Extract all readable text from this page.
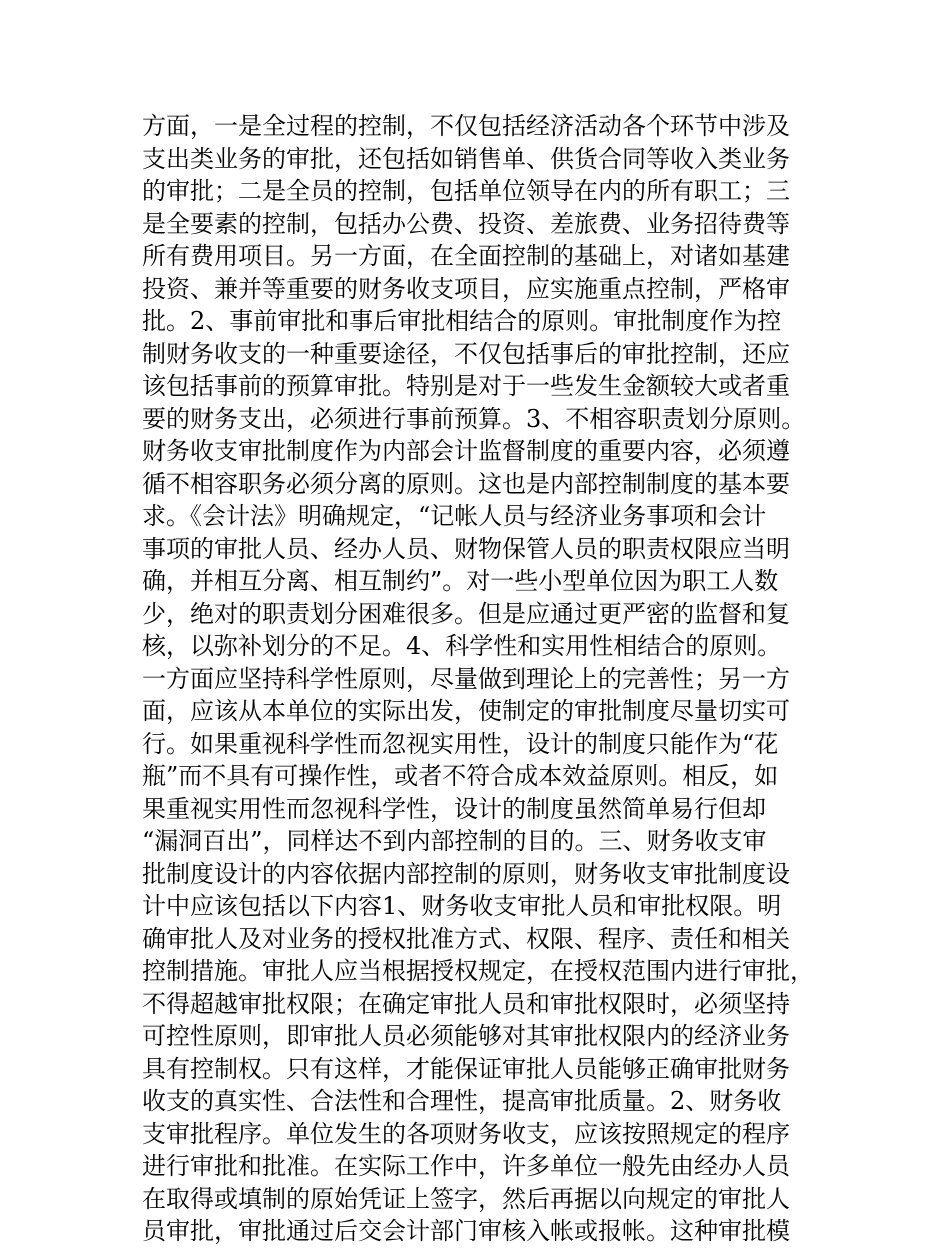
方面，一是全过程的控制，不仅包括经济活动各个环节中涉及
支出类业务的审批，还包括如销售单、供货合同等收入类业务
的审批；二是全员的控制，包括单位领导在内的所有职工；三
是全要素的控制，包括办公费、投资、差旅费、业务招待费等
所有费用项目。另一方面，在全面控制的基础上，对诸如基建
投资、兼并等重要的财务收支项目，应实施重点控制，严格审
批。2、事前审批和事后审批相结合的原则。审批制度作为控
制财务收支的一种重要途径，不仅包括事后的审批控制，还应
该包括事前的预算审批。特别是对于一些发生金额较大或者重
要的财务支出，必须进行事前预算。3、不相容职责划分原则。
财务收支审批制度作为内部会计监督制度的重要内容，必须遵
循不相容职务必须分离的原则。这也是内部控制制度的基本要
求。《会计法》明确规定，“记帐人员与经济业务事项和会计
事项的审批人员、经办人员、财物保管人员的职责权限应当明
确，并相互分离、相互制约”。对一些小型单位因为职工人数
少，绝对的职责划分困难很多。但是应通过更严密的监督和复
核，以弥补划分的不足。4、科学性和实用性相结合的原则。
一方面应坚持科学性原则，尽量做到理论上的完善性；另一方
面，应该从本单位的实际出发，使制定的审批制度尽量切实可
行。如果重视科学性而忽视实用性，设计的制度只能作为“花
瓶”而不具有可操作性，或者不符合成本效益原则。相反，如
果重视实用性而忽视科学性，设计的制度虽然简单易行但却
“漏洞百出”，同样达不到内部控制的目的。三、财务收支审
批制度设计的内容依据内部控制的原则，财务收支审批制度设
计中应该包括以下内容1、财务收支审批人员和审批权限。明
确审批人及对业务的授权批准方式、权限、程序、责任和相关
控制措施。审批人应当根据授权规定，在授权范围内进行审批，
不得超越审批权限；在确定审批人员和审批权限时，必须坚持
可控性原则，即审批人员必须能够对其审批权限内的经济业务
具有控制权。只有这样，才能保证审批人员能够正确审批财务
收支的真实性、合法性和合理性，提高审批质量。2、财务收
支审批程序。单位发生的各项财务收支，应该按照规定的程序
进行审批和批准。在实际工作中，许多单位一般先由经办人员
在取得或填制的原始凭证上签字，然后再据以向规定的审批人
员审批，审批通过后交会计部门审核入帐或报帐。这种审批模
